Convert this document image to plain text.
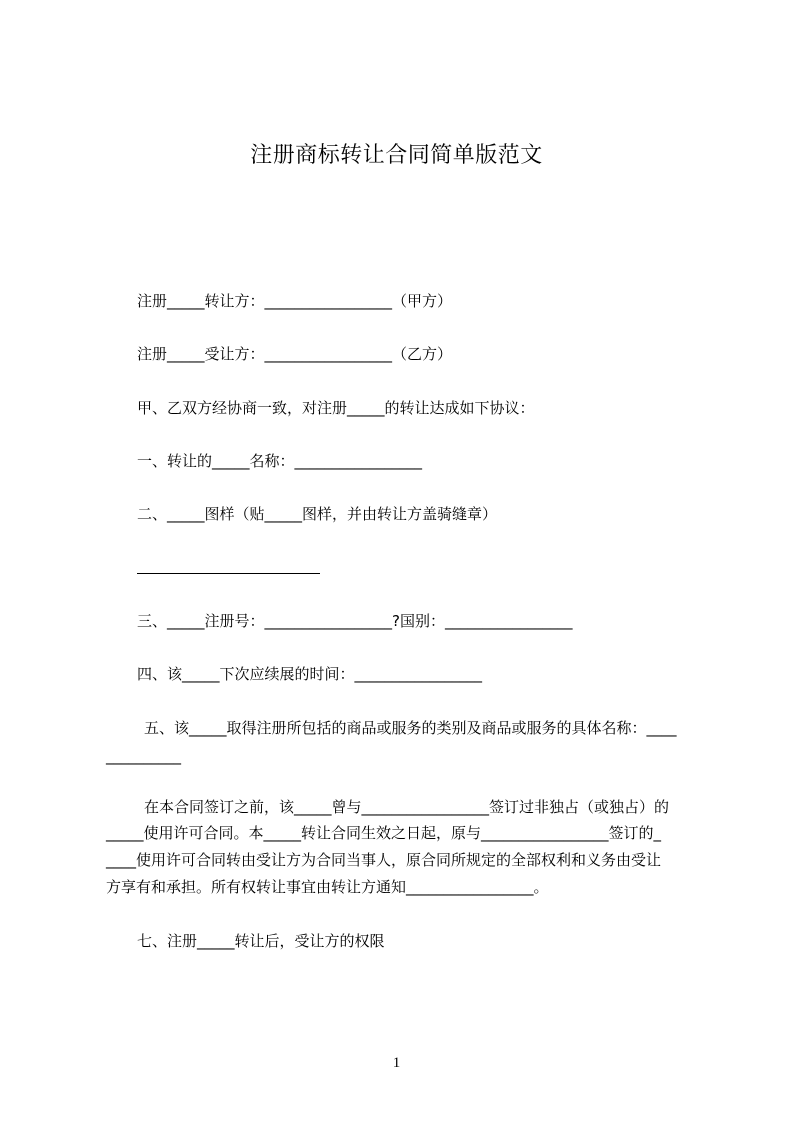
注册商标转让合同简单版范文
注册_____转让方：_________________（甲方）
注册_____受让方：_________________（乙方）
甲、乙双方经协商一致，对注册_____的转让达成如下协议：
一、转让的_____名称：_________________
二、_____图样（贴_____图样，并由转让方盖骑缝章）
三、_____注册号：_________________?国别：_________________
四、该_____下次应续展的时间：_________________
五、该_____取得注册所包括的商品或服务的类别及商品或服务的具体名称：____
__________
在本合同签订之前，该_____曾与_________________签订过非独占（或独占）的
_____使用许可合同。本_____转让合同生效之日起，原与_________________签订的_
____使用许可合同转由受让方为合同当事人，原合同所规定的全部权利和义务由受让
方享有和承担。所有权转让事宜由转让方通知_________________。
七、注册_____转让后，受让方的权限
1
